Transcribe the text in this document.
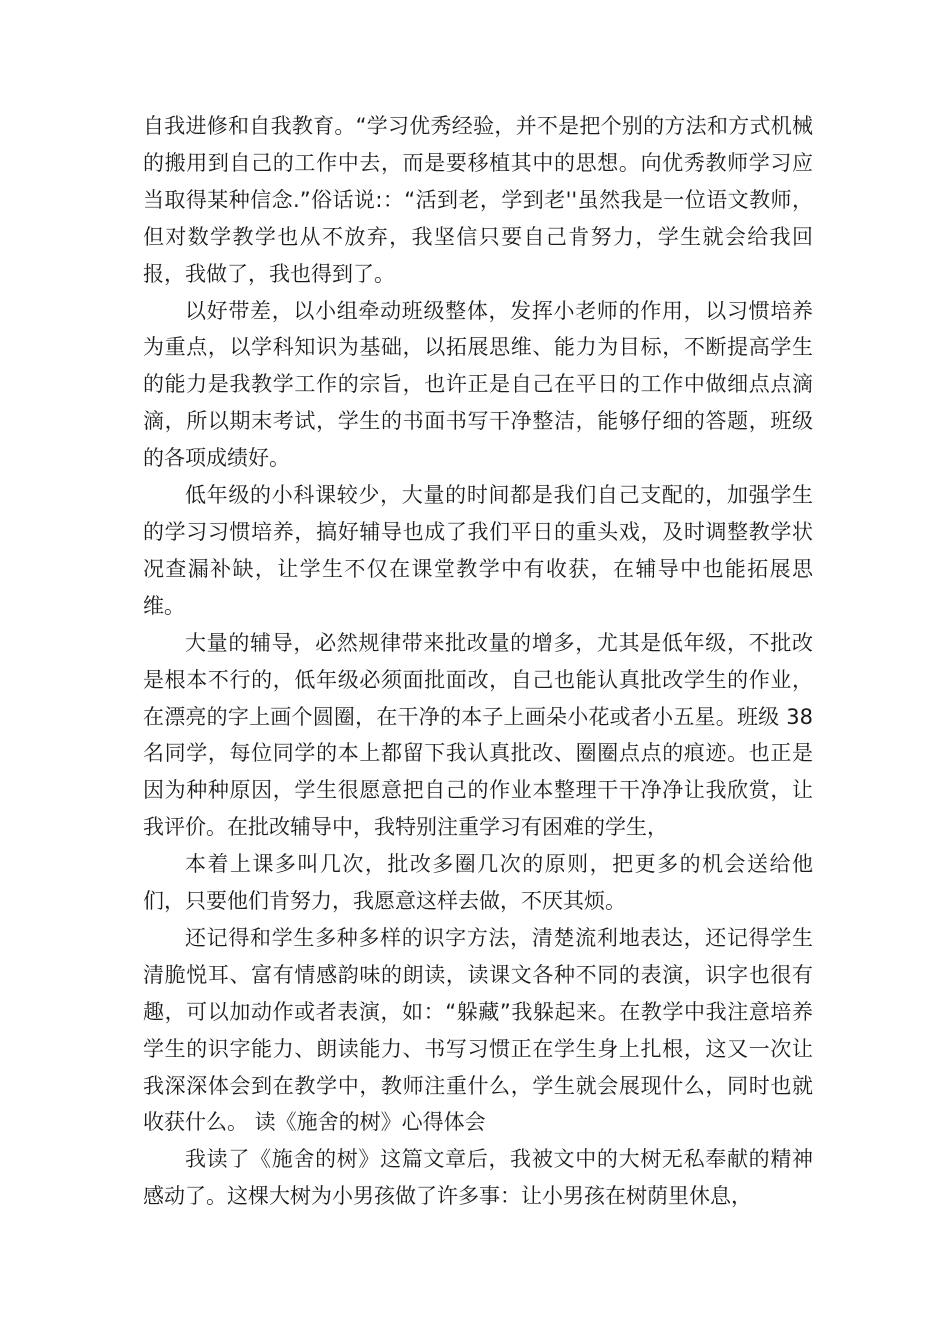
自我进修和自我教育。“学习优秀经验，并不是把个别的方法和方式机械的搬用到自己的工作中去，而是要移植其中的思想。向优秀教师学习应当取得某种信念.”俗话说:：“活到老，学到老''虽然我是一位语文教师，但对数学教学也从不放弃，我坚信只要自己肯努力，学生就会给我回报，我做了，我也得到了。

以好带差，以小组牵动班级整体，发挥小老师的作用，以习惯培养为重点，以学科知识为基础，以拓展思维、能力为目标，不断提高学生的能力是我教学工作的宗旨，也许正是自己在平日的工作中做细点点滴滴，所以期末考试，学生的书面书写干净整洁，能够仔细的答题，班级的各项成绩好。

低年级的小科课较少，大量的时间都是我们自己支配的，加强学生的学习习惯培养，搞好辅导也成了我们平日的重头戏，及时调整教学状况查漏补缺，让学生不仅在课堂教学中有收获，在辅导中也能拓展思维。

大量的辅导，必然规律带来批改量的增多，尤其是低年级，不批改是根本不行的，低年级必须面批面改，自己也能认真批改学生的作业，在漂亮的字上画个圆圈，在干净的本子上画朵小花或者小五星。班级 38 名同学，每位同学的本上都留下我认真批改、圈圈点点的痕迹。也正是因为种种原因，学生很愿意把自己的作业本整理干干净净让我欣赏，让我评价。在批改辅导中，我特别注重学习有困难的学生，

本着上课多叫几次，批改多圈几次的原则，把更多的机会送给他们，只要他们肯努力，我愿意这样去做，不厌其烦。

还记得和学生多种多样的识字方法，清楚流利地表达，还记得学生清脆悦耳、富有情感韵味的朗读，读课文各种不同的表演，识字也很有趣，可以加动作或者表演，如：“躲藏”我躲起来。在教学中我注意培养学生的识字能力、朗读能力、书写习惯正在学生身上扎根，这又一次让我深深体会到在教学中，教师注重什么，学生就会展现什么，同时也就收获什么。 读《施舍的树》心得体会

我读了《施舍的树》这篇文章后，我被文中的大树无私奉献的精神感动了。这棵大树为小男孩做了许多事：让小男孩在树荫里休息，
